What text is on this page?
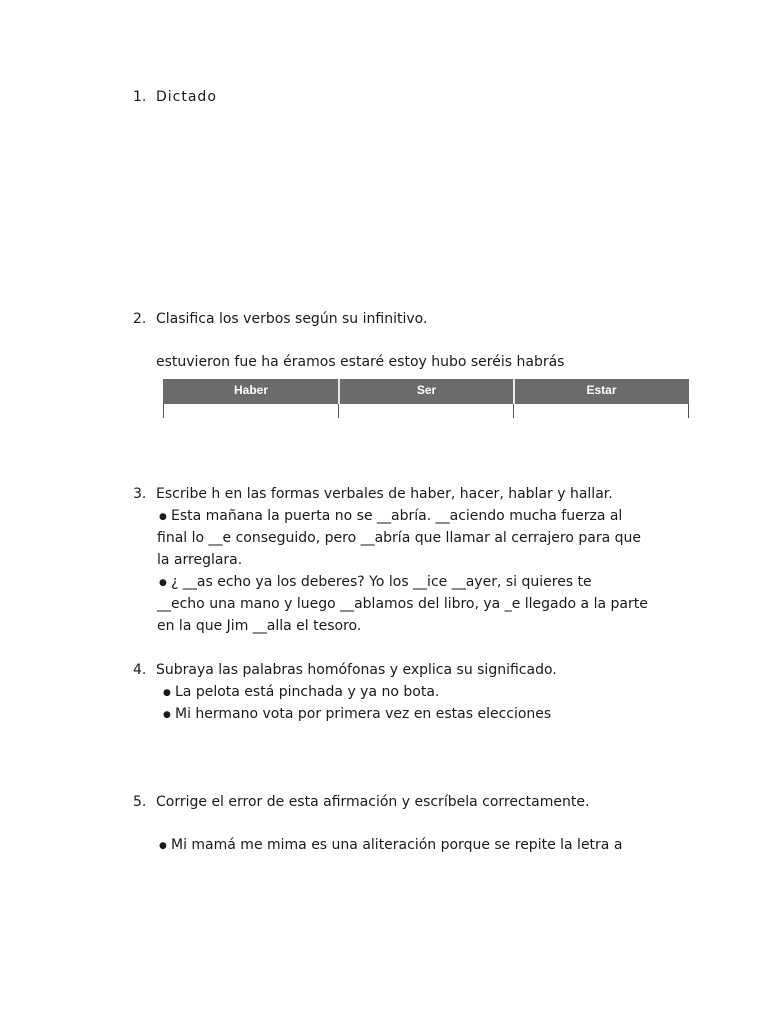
1. Dictado
2. Clasifica los verbos según su infinitivo.
estuvieron fue ha éramos estaré estoy hubo seréis habrás
Haber	Ser	Estar
3. Escribe h en las formas verbales de haber, hacer, hablar y hallar.
● Esta mañana la puerta no se __abría. __aciendo mucha fuerza al
final lo __e conseguido, pero __abría que llamar al cerrajero para que
la arreglara.
● ¿ __as echo ya los deberes? Yo los __ice __ayer, si quieres te
__echo una mano y luego __ablamos del libro, ya _e llegado a la parte
en la que Jim __alla el tesoro.
4. Subraya las palabras homófonas y explica su significado.
● La pelota está pinchada y ya no bota.
● Mi hermano vota por primera vez en estas elecciones
5. Corrige el error de esta afirmación y escríbela correctamente.
● Mi mamá me mima es una aliteración porque se repite la letra a
